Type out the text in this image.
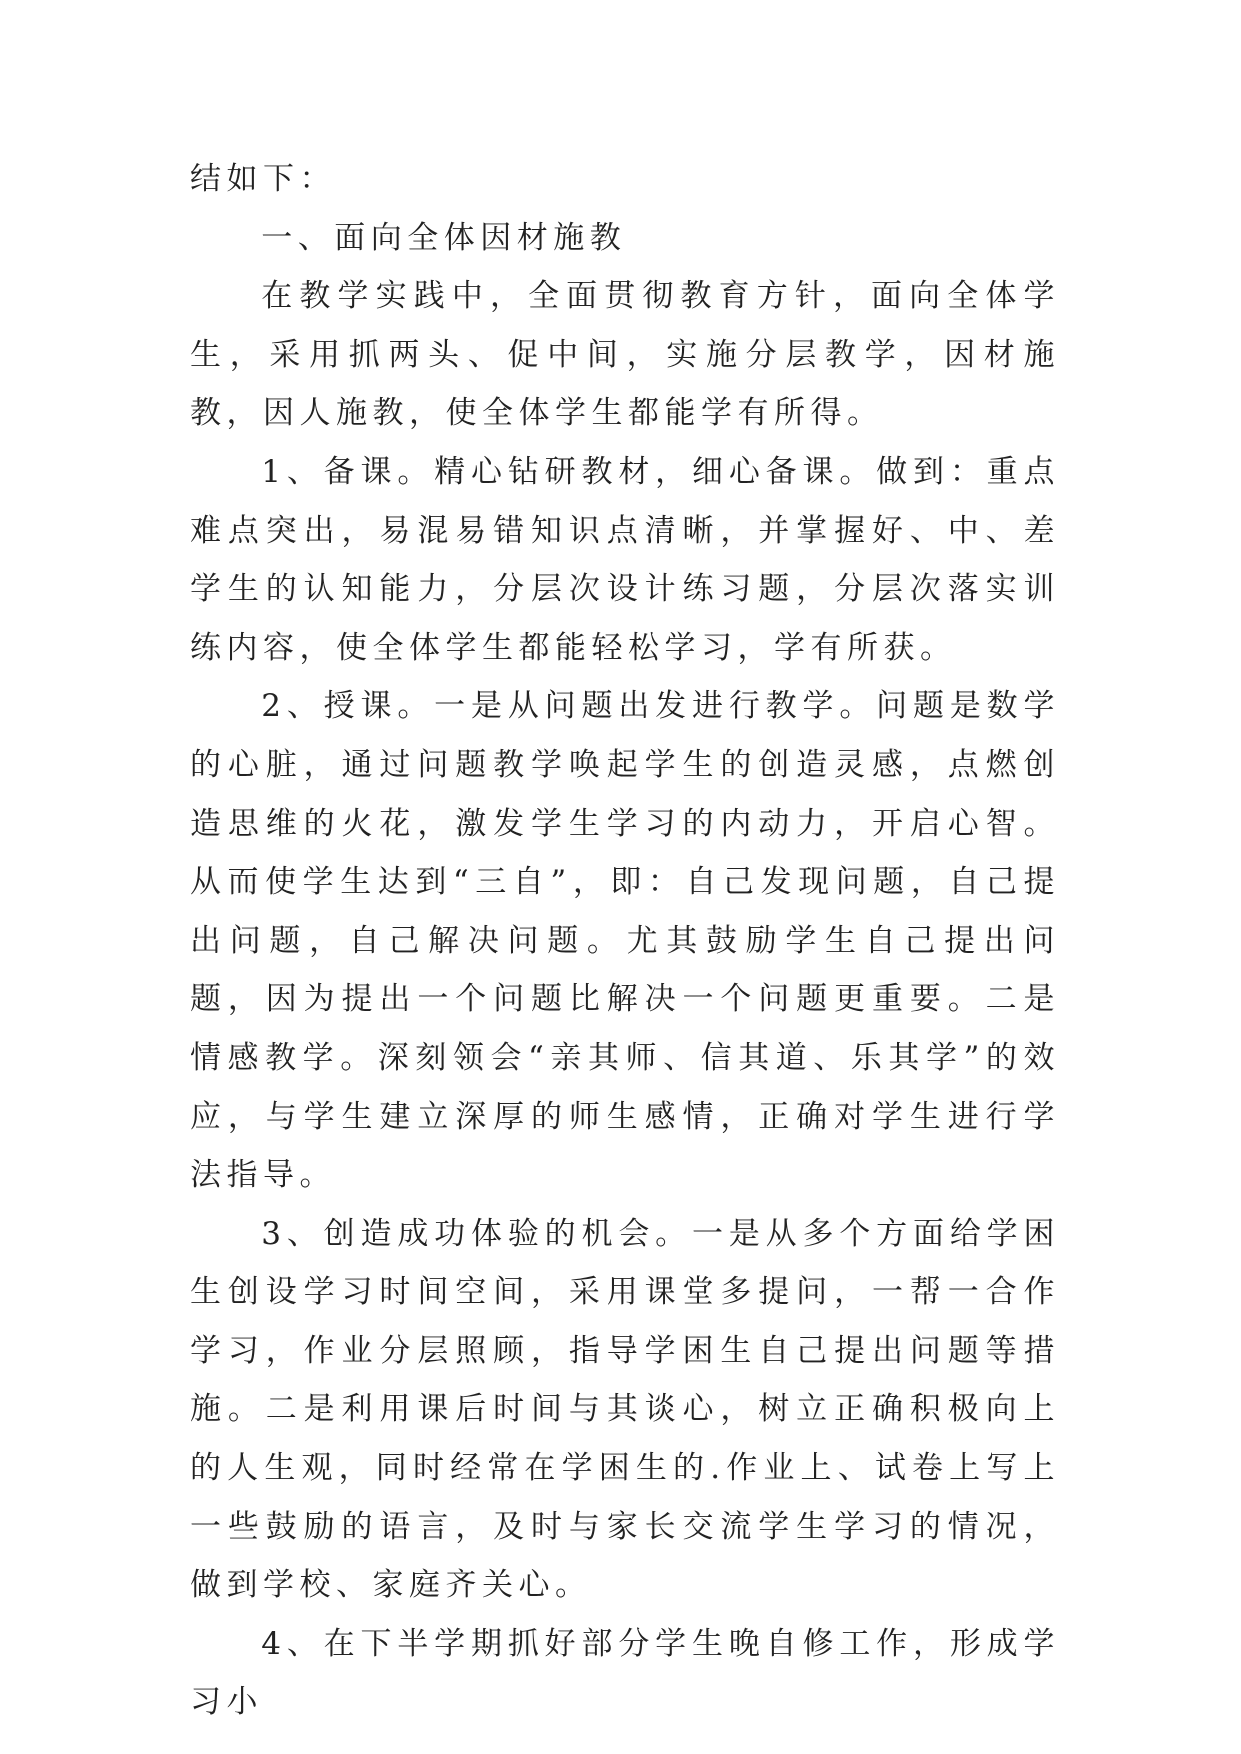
结如下：

一、面向全体因材施教

在教学实践中，全面贯彻教育方针，面向全体学生，采用抓两头、促中间，实施分层教学，因材施教，因人施教，使全体学生都能学有所得。

1、备课。精心钻研教材，细心备课。做到：重点难点突出，易混易错知识点清晰，并掌握好、中、差学生的认知能力，分层次设计练习题，分层次落实训练内容，使全体学生都能轻松学习，学有所获。

2、授课。一是从问题出发进行教学。问题是数学的心脏，通过问题教学唤起学生的创造灵感，点燃创造思维的火花，激发学生学习的内动力，开启心智。从而使学生达到“三自”，即：自己发现问题，自己提出问题，自己解决问题。尤其鼓励学生自己提出问题，因为提出一个问题比解决一个问题更重要。二是情感教学。深刻领会“亲其师、信其道、乐其学”的效应，与学生建立深厚的师生感情，正确对学生进行学法指导。

3、创造成功体验的机会。一是从多个方面给学困生创设学习时间空间，采用课堂多提问，一帮一合作学习，作业分层照顾，指导学困生自己提出问题等措施。二是利用课后时间与其谈心，树立正确积极向上的人生观，同时经常在学困生的.作业上、试卷上写上一些鼓励的语言，及时与家长交流学生学习的情况，做到学校、家庭齐关心。

4、在下半学期抓好部分学生晚自修工作，形成学习小
